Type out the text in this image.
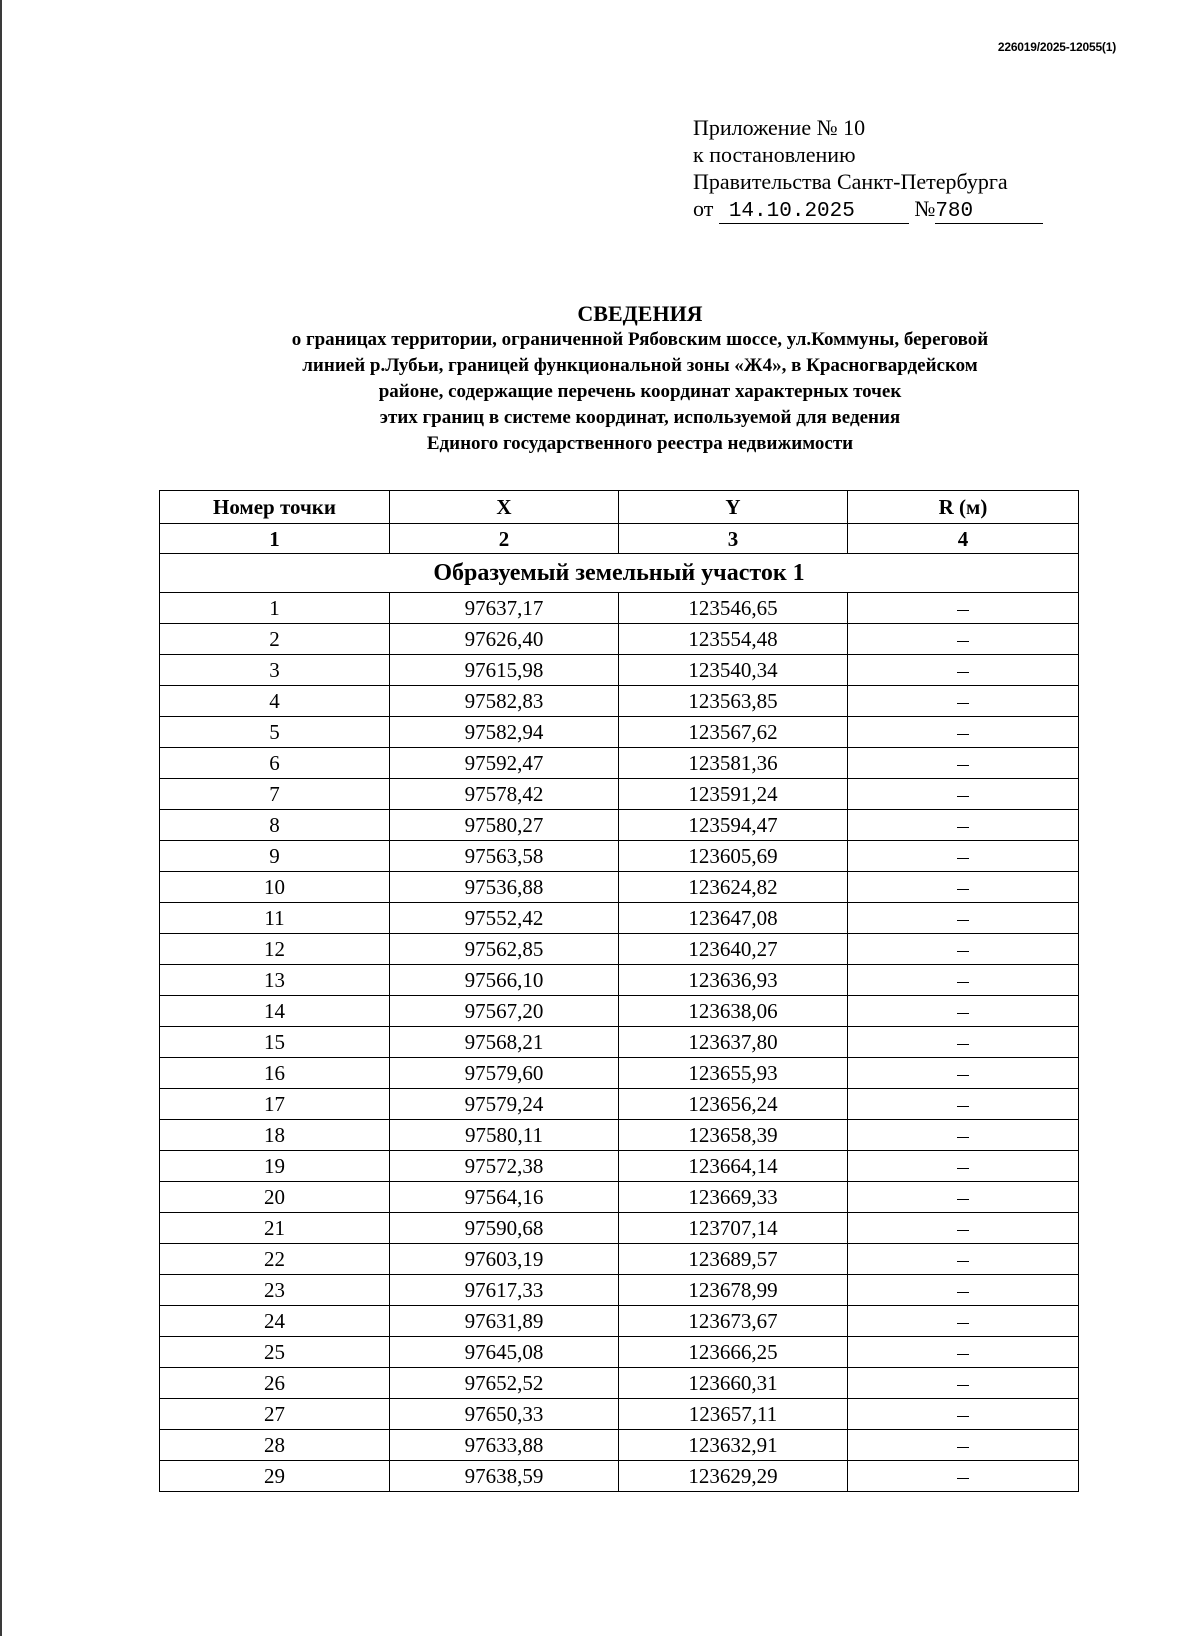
226019/2025-12055(1)
Приложение № 10
к постановлению
Правительства Санкт-Петербурга
от 14.10.2025	№780
СВЕДЕНИЯ
о границах территории, ограниченной Рябовским шоссе, ул.Коммуны, береговой
линией р.Лубьи, границей функциональной зоны «Ж4», в Красногвардейском
районе, содержащие перечень координат характерных точек
этих границ в системе координат, используемой для ведения
Единого государственного реестра недвижимости
Номер точки	X	Y	R (м)
1	2	3	4
Образуемый земельный участок 1			
1	97637,17	123546,65	
2	97626,40	123554,48	
3	97615,98	123540,34	
4	97582,83	123563,85	
5	97582,94	123567,62	
6	97592,47	123581,36	
7	97578,42	123591,24	
8	97580,27	123594,47	
9	97563,58	123605,69	
10	97536,88	123624,82	
11	97552,42	123647,08	
12	97562,85	123640,27	
13	97566,10	123636,93	
14	97567,20	123638,06	
15	97568,21	123637,80	
16	97579,60	123655,93	
17	97579,24	123656,24	
18	97580,11	123658,39	
19	97572,38	123664,14	
20	97564,16	123669,33	
21	97590,68	123707,14	
22	97603,19	123689,57	
23	97617,33	123678,99	
24	97631,89	123673,67	
25	97645,08	123666,25	
26	97652,52	123660,31	
27	97650,33	123657,11	
28	97633,88	123632,91	
29	97638,59	123629,29	
